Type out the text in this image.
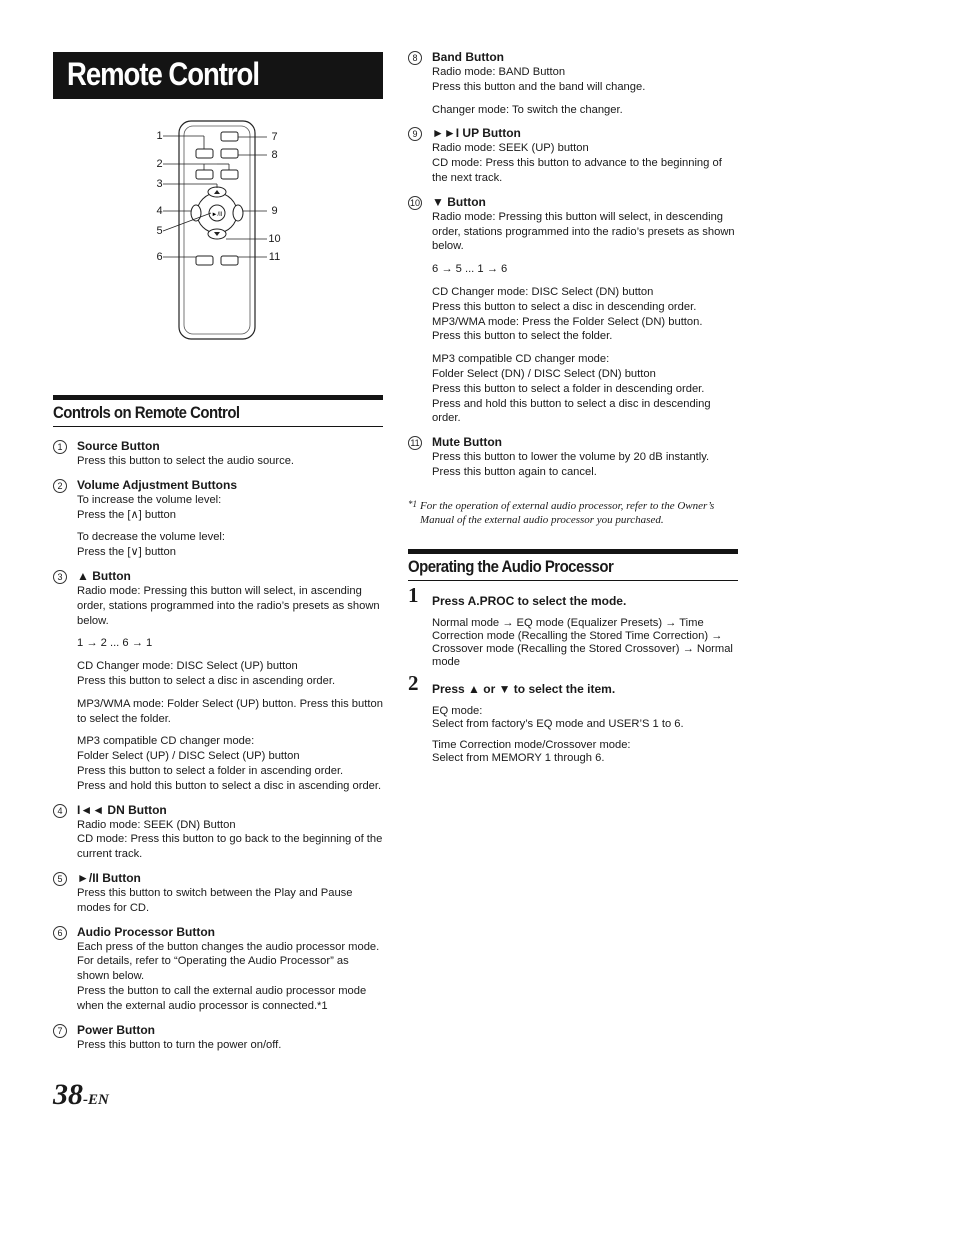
Remote Control
►/II
1
2
3
4
5
6
7
8
9
10
11
Controls on Remote Control
1	Source Button

Press this button to select the audio source.

2	Volume Adjustment Buttons

To increase the volume level:

Press the [∧] button

To decrease the volume level:

Press the [∨] button

3	▲ Button

Radio mode: Pressing this button will select, in ascending order, stations programmed into the radio’s presets as shown below.

1 → 2 ... 6 → 1

CD Changer mode: DISC Select (UP) button

Press this button to select a disc in ascending order.

MP3/WMA mode: Folder Select (UP) button. Press this button to select the folder.

MP3 compatible CD changer mode:

Folder Select (UP) / DISC Select (UP) button

Press this button to select a folder in ascending order.

Press and hold this button to select a disc in ascending order.

4	I◄◄ DN Button

Radio mode: SEEK (DN) Button

CD mode: Press this button to go back to the beginning of the current track.

5	►/II Button

Press this button to switch between the Play and Pause modes for CD.

6	Audio Processor Button

Each press of the button changes the audio processor mode.

For details, refer to “Operating the Audio Processor” as shown below.

Press the button to call the external audio processor mode when the external audio processor is connected.*1

7	Power Button

Press this button to turn the power on/off.

8	Band Button

Radio mode: BAND Button

Press this button and the band will change.

Changer mode: To switch the changer.

9	►►I UP Button

Radio mode: SEEK (UP) button

CD mode: Press this button to advance to the beginning of the next track.

10 ▼ Button

Radio mode: Pressing this button will select, in descending order, stations programmed into the radio’s presets as shown below.

6 → 5 ... 1 → 6

CD Changer mode: DISC Select (DN) button

Press this button to select a disc in descending order.

MP3/WMA mode: Press the Folder Select (DN) button.

Press this button to select the folder.

MP3 compatible CD changer mode:

Folder Select (DN) / DISC Select (DN) button

Press this button to select a folder in descending order.

Press and hold this button to select a disc in descending order.

11 Mute Button

Press this button to lower the volume by 20 dB instantly.

Press this button again to cancel.

*1 For the operation of external audio processor, refer to the Owner’s Manual of the external audio processor you purchased.
Operating the Audio Processor
1 Press A.PROC to select the mode.

Normal mode → EQ mode (Equalizer Presets) → Time Correction mode (Recalling the Stored Time Correction) → Crossover mode (Recalling the Stored Crossover) → Normal mode

2 Press ▲ or ▼ to select the item.

EQ mode:

Select from factory’s EQ mode and USER’S 1 to 6.

Time Correction mode/Crossover mode:

Select from MEMORY 1 through 6.

38-EN
